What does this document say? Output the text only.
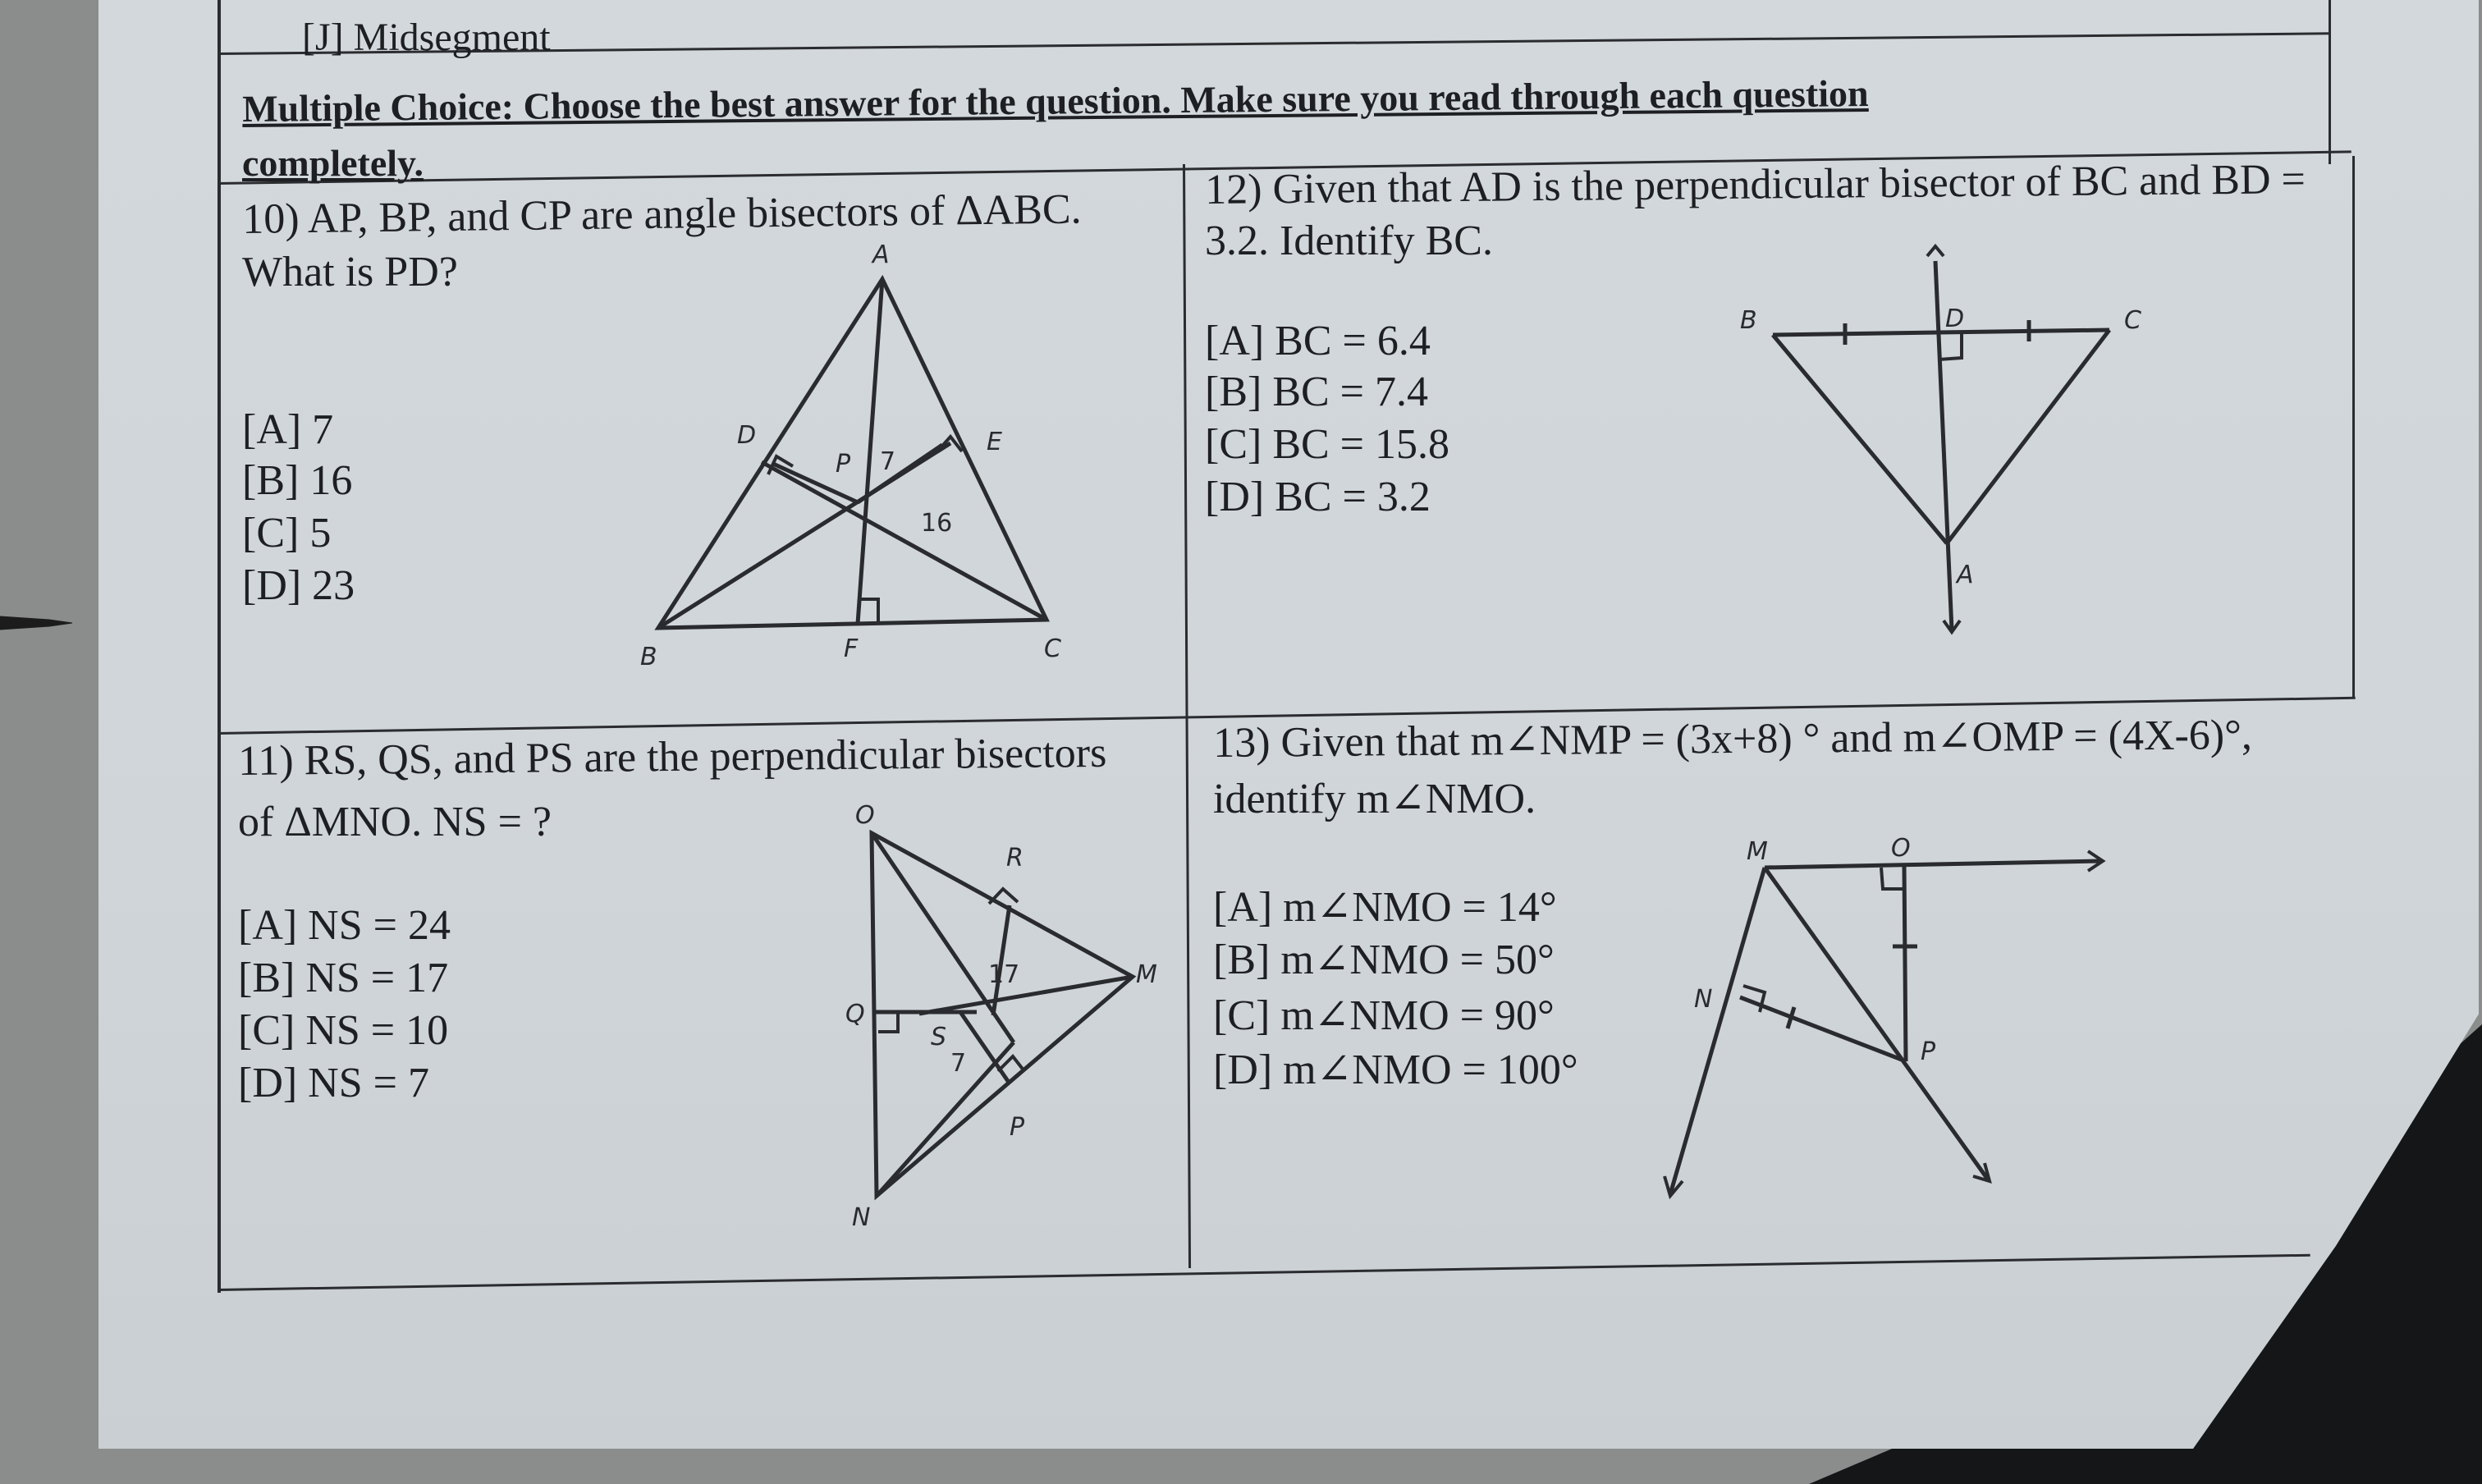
[J] Midsegment
Multiple Choice: Choose the best answer for the question. Make sure you read through each question
completely.
10) AP, BP, and CP are angle bisectors of ΔABC.
What is PD?
[A] 7
[B] 16
[C] 5
[D] 23
A
B	C
D	E
F
P 7
16
12) Given that AD is the perpendicular bisector of BC and BD =
3.2. Identify BC.
[A] BC = 6.4
[B] BC = 7.4
[C] BC = 15.8
[D] BC = 3.2
B	D	C
A
11) RS, QS, and PS are the perpendicular bisectors
of ΔMNO. NS = ?
[A] NS = 24
[B] NS = 17
[C] NS = 10
[D] NS = 7
O
R
Q
M
S
P
N
17
7
13) Given that m∠NMP = (3x+8) ° and m∠OMP = (4X-6)°,
identify m∠NMO.
[A] m∠NMO = 14°
[B] m∠NMO = 50°
[C] m∠NMO = 90°
[D] m∠NMO = 100°
M	O
N
P
